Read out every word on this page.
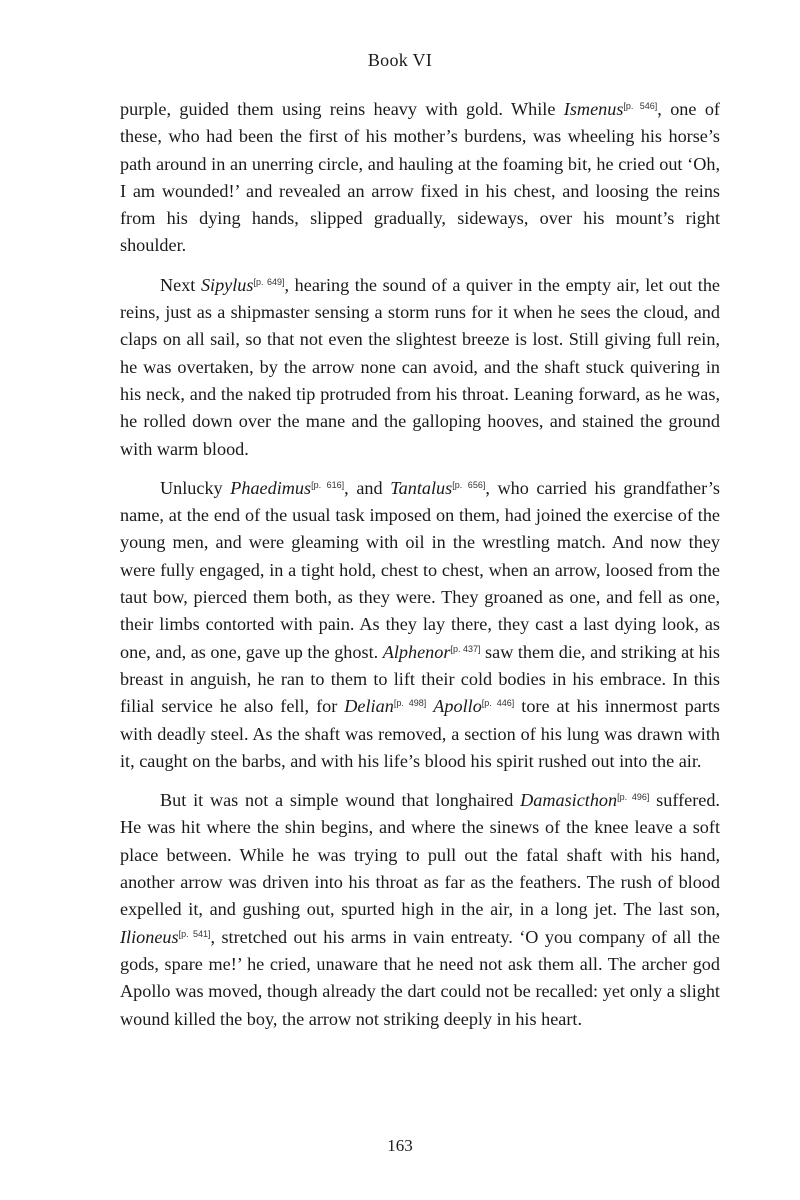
Book VI

purple, guided them using reins heavy with gold. While Ismenus[p. 546], one of these, who had been the first of his mother’s burdens, was wheeling his horse’s path around in an unerring circle, and hauling at the foaming bit, he cried out ‘Oh, I am wounded!’ and revealed an arrow fixed in his chest, and loosing the reins from his dying hands, slipped gradually, sideways, over his mount’s right shoulder.

Next Sipylus[p. 649], hearing the sound of a quiver in the empty air, let out the reins, just as a shipmaster sensing a storm runs for it when he sees the cloud, and claps on all sail, so that not even the slightest breeze is lost. Still giving full rein, he was overtaken, by the arrow none can avoid, and the shaft stuck quivering in his neck, and the naked tip protruded from his throat. Leaning forward, as he was, he rolled down over the mane and the galloping hooves, and stained the ground with warm blood.

Unlucky Phaedimus[p. 616], and Tantalus[p. 656], who carried his grandfather’s name, at the end of the usual task imposed on them, had joined the exercise of the young men, and were gleaming with oil in the wrestling match. And now they were fully engaged, in a tight hold, chest to chest, when an arrow, loosed from the taut bow, pierced them both, as they were. They groaned as one, and fell as one, their limbs contorted with pain. As they lay there, they cast a last dying look, as one, and, as one, gave up the ghost. Alphenor[p. 437] saw them die, and striking at his breast in anguish, he ran to them to lift their cold bodies in his embrace. In this filial service he also fell, for Delian[p. 498] Apollo[p. 446] tore at his innermost parts with deadly steel. As the shaft was removed, a section of his lung was drawn with it, caught on the barbs, and with his life’s blood his spirit rushed out into the air.

But it was not a simple wound that longhaired Damasicthon[p. 496] suffered. He was hit where the shin begins, and where the sinews of the knee leave a soft place between. While he was trying to pull out the fatal shaft with his hand, another arrow was driven into his throat as far as the feathers. The rush of blood expelled it, and gushing out, spurted high in the air, in a long jet. The last son, Ilioneus[p. 541], stretched out his arms in vain entreaty. ‘O you company of all the gods, spare me!’ he cried, unaware that he need not ask them all. The archer god Apollo was moved, though already the dart could not be recalled: yet only a slight wound killed the boy, the arrow not striking deeply in his heart.

163
